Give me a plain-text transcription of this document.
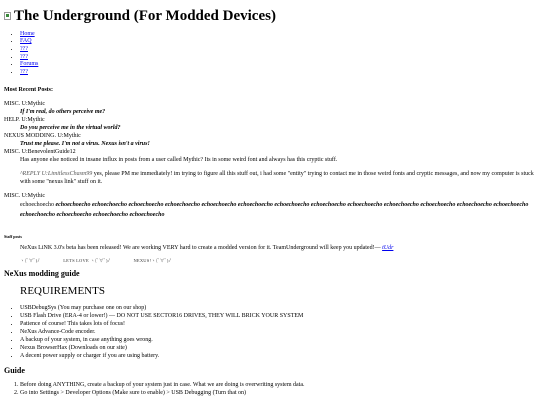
The Underground (For Modded Devices)
• Home
• FAQ
• ???
• ???
• Forums
• ???
Most Recent Posts:
MISC. U:Mythic
If I'm real, do others perceive me?
HELP. U:Mythic
Do you perceive me in the virtual world?
NEXUS MODDING. U:Mythic
Trust me please. I'm not a virus. Nexus isn't a virus!
MISC. U:BenevolentGuide12
Has anyone else noticed in insane influx in posts from a user called Mythic? Its in some weird font and always has this cryptic stuff.
^REPLY U:LimitlessChasm99 yes, please PM me immediately! im trying to figure all this stuff out, i had some "entity" trying to contact me in those weird fonts and cryptic messages, and now my computer is stuck with some "nexus link" stuff on it.
MISC. U:Mythic
echoechoecho echoechoecho echoechoecho echoechoecho echoechoecho echoechoecho echoechoecho echoechoecho echoechoecho echoechoecho echoechoecho echoechoecho echoechoecho echoechoecho echoechoecho echoechoecho echoechoecho echoechoecho
Staff posts
NeXus LiNK 3.0's beta has been released! We are working VERY hard to create a modded version for it. TeamUnderground will keep you updated!— tUdr
ヽ(ﾟ∀ﾟ)ﾉ	LETS LOVE ヽ(ﾟ∀ﾟ)ﾉ	NEXUS!ヽ(ﾟ∀ﾟ)ﾉ
NeXus modding guide
REQUIREMENTS
• USBDebugSys (You may purchase one on our shop)
• USB Flash Drive (ERA-4 or lower!) — DO NOT USE SECTOR16 DRIVES, THEY WILL BRICK YOUR SYSTEM
• Patience of course! This takes lots of focus!
• NeXus Advance-Code encoder.
• A backup of your system, in case anything goes wrong.
• Nexus BrowserHax (Downloads on our site)
• A decent power supply or charger if you are using battery.
Guide
1. Before doing ANYTHING, create a backup of your system just in case. What we are doing is overwriting system data.
2. Go into Settings > Developer Options (Make sure to enable) > USB Debugging (Turn that on)
